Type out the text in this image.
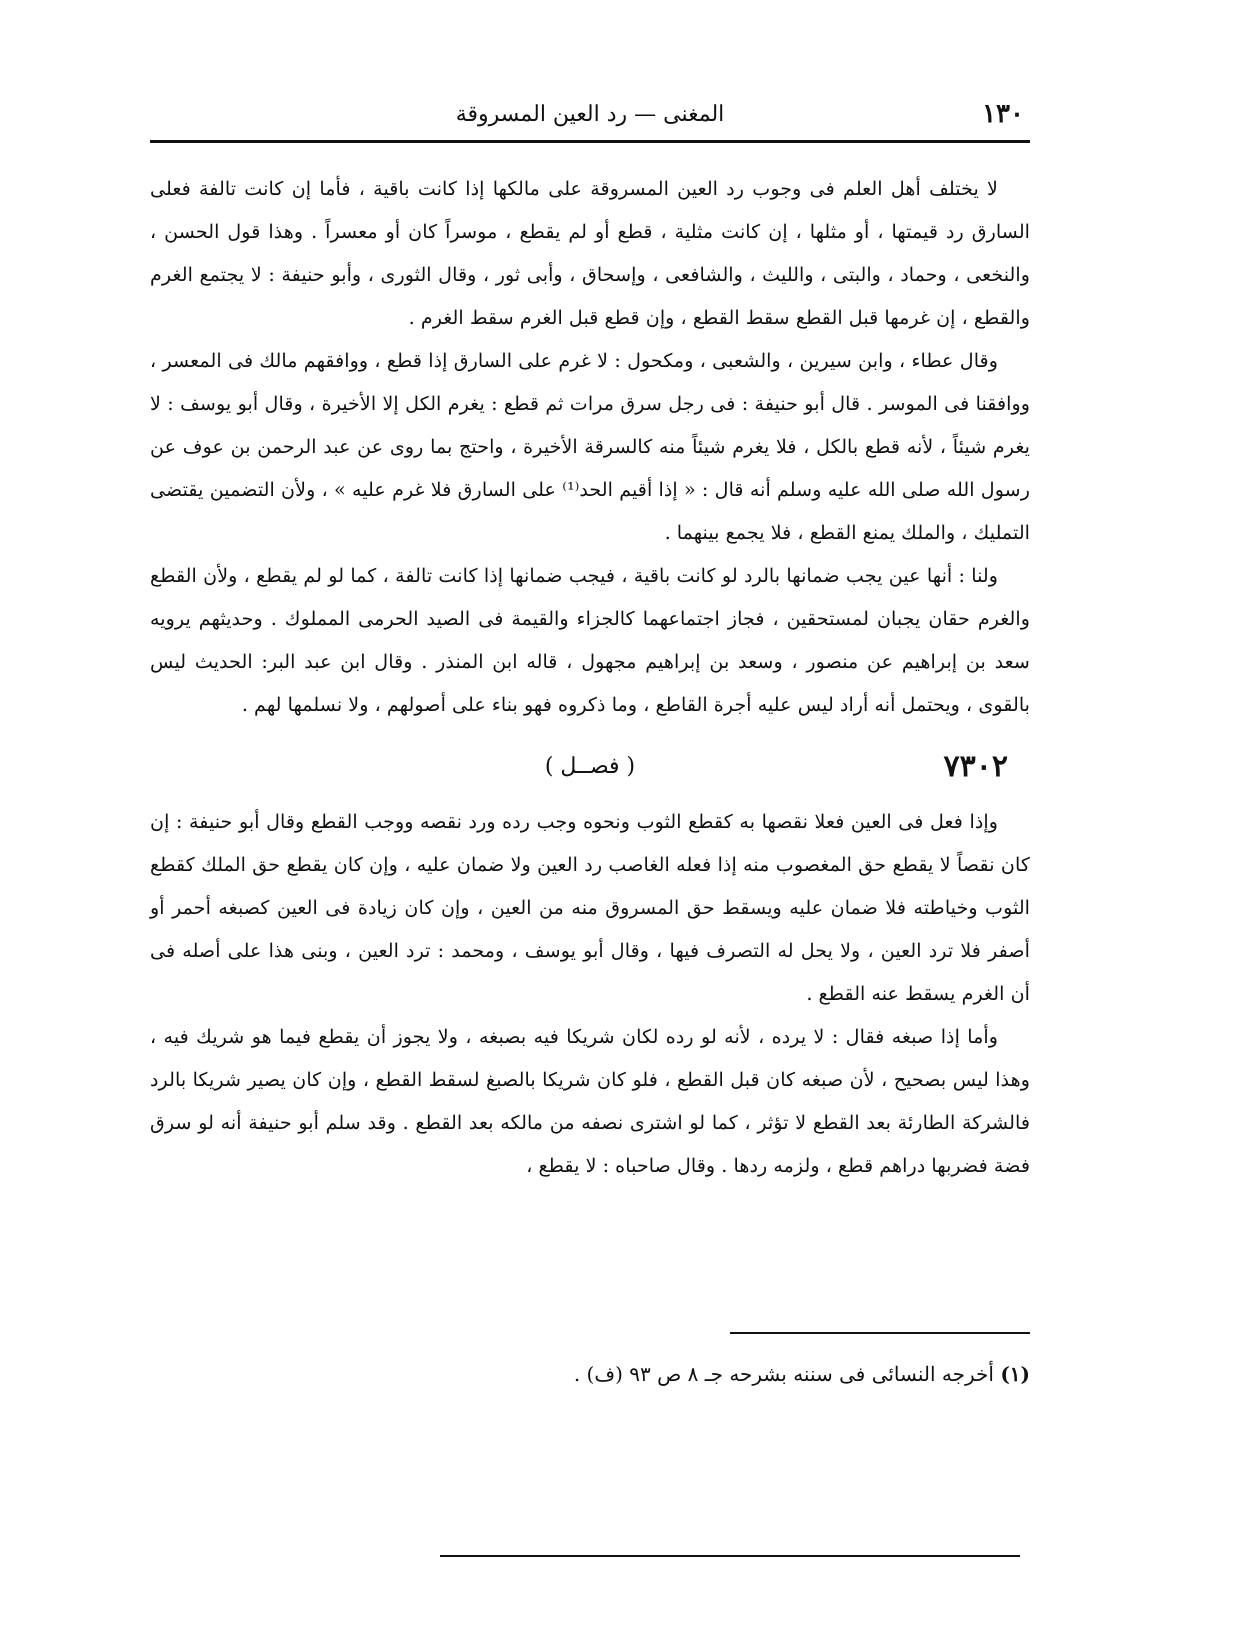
١٣٠
المغنى — رد العين المسروقة

لا يختلف أهل العلم فى وجوب رد العين المسروقة على مالكها إذا كانت باقية ، فأما إن كانت تالفة فعلى السارق رد قيمتها ، أو مثلها ، إن كانت مثلية ، قطع أو لم يقطع ، موسراً كان أو معسراً . وهذا قول الحسن ، والنخعى ، وحماد ، والبتى ، والليث ، والشافعى ، وإسحاق ، وأبى ثور ، وقال الثورى ، وأبو حنيفة : لا يجتمع الغرم والقطع ، إن غرمها قبل القطع سقط القطع ، وإن قطع قبل الغرم سقط الغرم .

وقال عطاء ، وابن سيرين ، والشعبى ، ومكحول : لا غرم على السارق إذا قطع ، ووافقهم مالك فى المعسر ، ووافقنا فى الموسر . قال أبو حنيفة : فى رجل سرق مرات ثم قطع : يغرم الكل إلا الأخيرة ، وقال أبو يوسف : لا يغرم شيئاً ، لأنه قطع بالكل ، فلا يغرم شيئاً منه كالسرقة الأخيرة ، واحتج بما روى عن عبد الرحمن بن عوف عن رسول الله صلى الله عليه وسلم أنه قال : « إذا أقيم الحد⁽¹⁾ على السارق فلا غرم عليه » ، ولأن التضمين يقتضى التمليك ، والملك يمنع القطع ، فلا يجمع بينهما .

ولنا : أنها عين يجب ضمانها بالرد لو كانت باقية ، فيجب ضمانها إذا كانت تالفة ، كما لو لم يقطع ، ولأن القطع والغرم حقان يجبان لمستحقين ، فجاز اجتماعهما كالجزاء والقيمة فى الصيد الحرمى المملوك . وحديثهم يرويه سعد بن إبراهيم عن منصور ، وسعد بن إبراهيم مجهول ، قاله ابن المنذر . وقال ابن عبد البر: الحديث ليس بالقوى ، ويحتمل أنه أراد ليس عليه أجرة القاطع ، وما ذكروه فهو بناء على أصولهم ، ولا نسلمها لهم .

٧٣٠٢
( فصــل )

وإذا فعل فى العين فعلا نقصها به كقطع الثوب ونحوه وجب رده ورد نقصه ووجب القطع وقال أبو حنيفة : إن كان نقصاً لا يقطع حق المغصوب منه إذا فعله الغاصب رد العين ولا ضمان عليه ، وإن كان يقطع حق الملك كقطع الثوب وخياطته فلا ضمان عليه ويسقط حق المسروق منه من العين ، وإن كان زيادة فى العين كصبغه أحمر أو أصفر فلا ترد العين ، ولا يحل له التصرف فيها ، وقال أبو يوسف ، ومحمد : ترد العين ، وبنى هذا على أصله فى أن الغرم يسقط عنه القطع .

وأما إذا صبغه فقال : لا يرده ، لأنه لو رده لكان شريكا فيه بصبغه ، ولا يجوز أن يقطع فيما هو شريك فيه ، وهذا ليس بصحيح ، لأن صبغه كان قبل القطع ، فلو كان شريكا بالصبغ لسقط القطع ، وإن كان يصير شريكا بالرد فالشركة الطارئة بعد القطع لا تؤثر ، كما لو اشترى نصفه من مالكه بعد القطع . وقد سلم أبو حنيفة أنه لو سرق فضة فضربها دراهم قطع ، ولزمه ردها . وقال صاحباه : لا يقطع ،

(١) أخرجه النسائى فى سننه بشرحه جـ ٨ ص ٩٣ (ف) .
